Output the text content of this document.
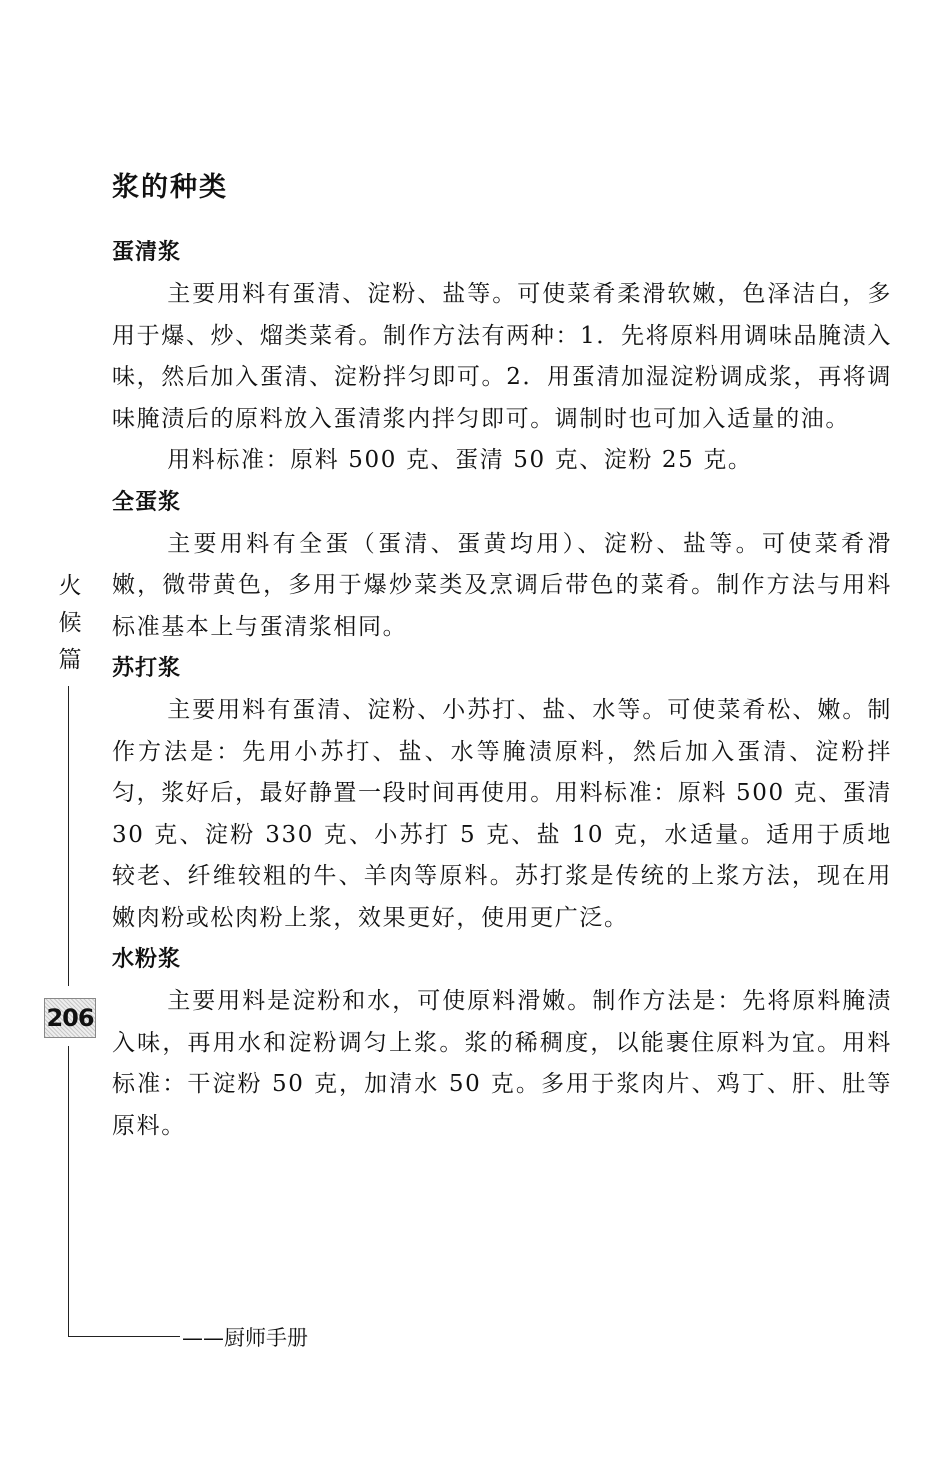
火
候
篇
206
——厨师手册
浆的种类
蛋清浆

主要用料有蛋清、淀粉、盐等。可使菜肴柔滑软嫩，色泽洁白，多用于爆、炒、熘类菜肴。制作方法有两种：1．先将原料用调味品腌渍入味，然后加入蛋清、淀粉拌匀即可。2．用蛋清加湿淀粉调成浆，再将调味腌渍后的原料放入蛋清浆内拌匀即可。调制时也可加入适量的油。

用料标准：原料 500 克、蛋清 50 克、淀粉 25 克。

全蛋浆

主要用料有全蛋（蛋清、蛋黄均用）、淀粉、盐等。可使菜肴滑嫩，微带黄色，多用于爆炒菜类及烹调后带色的菜肴。制作方法与用料标准基本上与蛋清浆相同。

苏打浆

主要用料有蛋清、淀粉、小苏打、盐、水等。可使菜肴松、嫩。制作方法是：先用小苏打、盐、水等腌渍原料，然后加入蛋清、淀粉拌匀，浆好后，最好静置一段时间再使用。用料标准：原料 500 克、蛋清 30 克、淀粉 330 克、小苏打 5 克、盐 10 克，水适量。适用于质地较老、纤维较粗的牛、羊肉等原料。苏打浆是传统的上浆方法，现在用嫩肉粉或松肉粉上浆，效果更好，使用更广泛。

水粉浆

主要用料是淀粉和水，可使原料滑嫩。制作方法是：先将原料腌渍入味，再用水和淀粉调匀上浆。浆的稀稠度，以能裹住原料为宜。用料标准：干淀粉 50 克，加清水 50 克。多用于浆肉片、鸡丁、肝、肚等原料。
